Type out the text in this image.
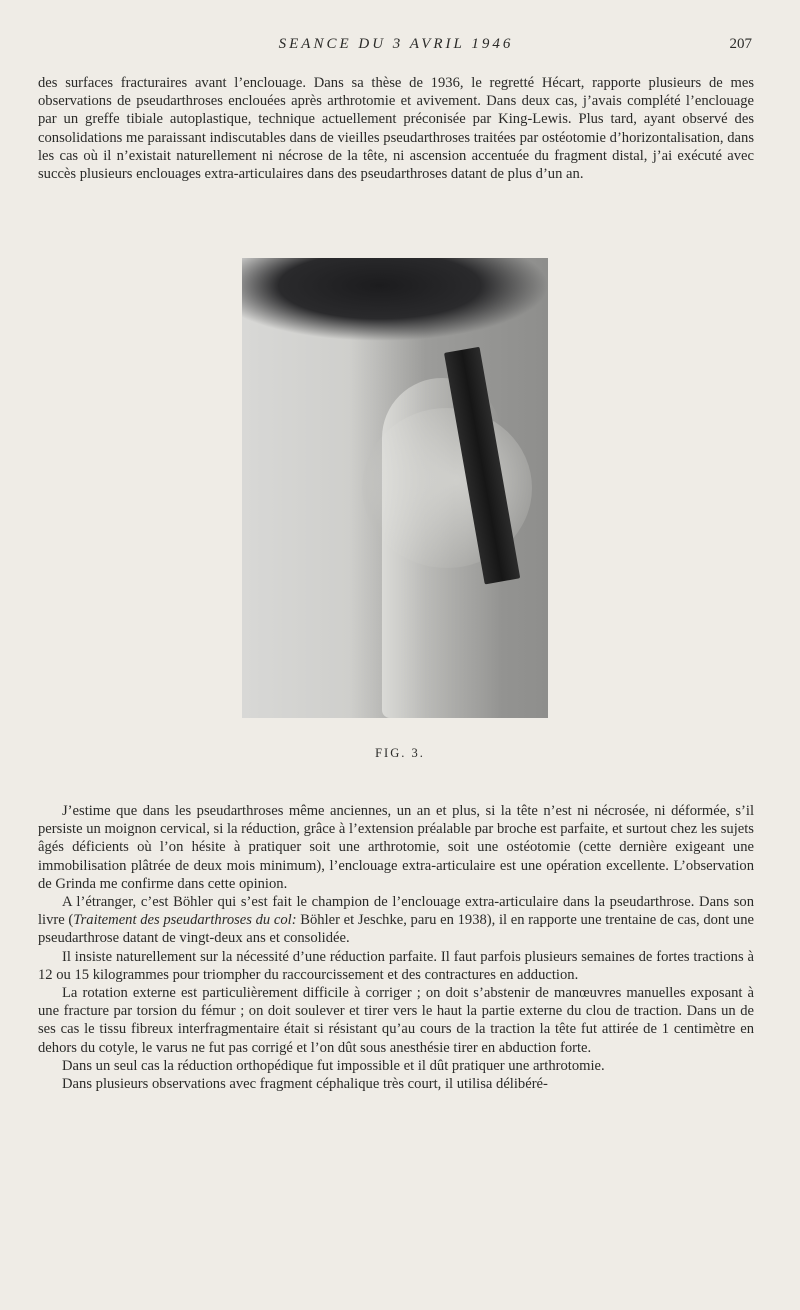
SEANCE DU 3 AVRIL 1946	207

des surfaces fracturaires avant l’enclouage. Dans sa thèse de 1936, le regretté Hécart, rapporte plusieurs de mes observations de pseudarthroses enclouées après arthrotomie et avivement. Dans deux cas, j’avais complété l’enclouage par un greffe tibiale autoplastique, technique actuellement préconisée par King-Lewis. Plus tard, ayant observé des consolidations me paraissant indiscutables dans de vieilles pseudarthroses traitées par ostéotomie d’horizontalisation, dans les cas où il n’existait naturellement ni nécrose de la tête, ni ascension accentuée du fragment distal, j’ai exécuté avec succès plusieurs enclouages extra-articulaires dans des pseudarthroses datant de plus d’un an.

FIG. 3.

J’estime que dans les pseudarthroses même anciennes, un an et plus, si la tête n’est ni nécrosée, ni déformée, s’il persiste un moignon cervical, si la réduction, grâce à l’extension préalable par broche est parfaite, et surtout chez les sujets âgés déficients où l’on hésite à pratiquer soit une arthrotomie, soit une ostéotomie (cette dernière exigeant une immobilisation plâtrée de deux mois minimum), l’enclouage extra-articulaire est une opération excellente. L’observation de Grinda me confirme dans cette opinion.

A l’étranger, c’est Böhler qui s’est fait le champion de l’enclouage extra-articulaire dans la pseudarthrose. Dans son livre (Traitement des pseudarthroses du col: Böhler et Jeschke, paru en 1938), il en rapporte une trentaine de cas, dont une pseudarthrose datant de vingt-deux ans et consolidée.

Il insiste naturellement sur la nécessité d’une réduction parfaite. Il faut parfois plusieurs semaines de fortes tractions à 12 ou 15 kilogrammes pour triompher du raccourcissement et des contractures en adduction.

La rotation externe est particulièrement difficile à corriger ; on doit s’abstenir de manœuvres manuelles exposant à une fracture par torsion du fémur ; on doit soulever et tirer vers le haut la partie externe du clou de traction. Dans un de ses cas le tissu fibreux interfragmentaire était si résistant qu’au cours de la traction la tête fut attirée de 1 centimètre en dehors du cotyle, le varus ne fut pas corrigé et l’on dût sous anesthésie tirer en abduction forte.

Dans un seul cas la réduction orthopédique fut impossible et il dût pratiquer une arthrotomie.

Dans plusieurs observations avec fragment céphalique très court, il utilisa délibéré-
